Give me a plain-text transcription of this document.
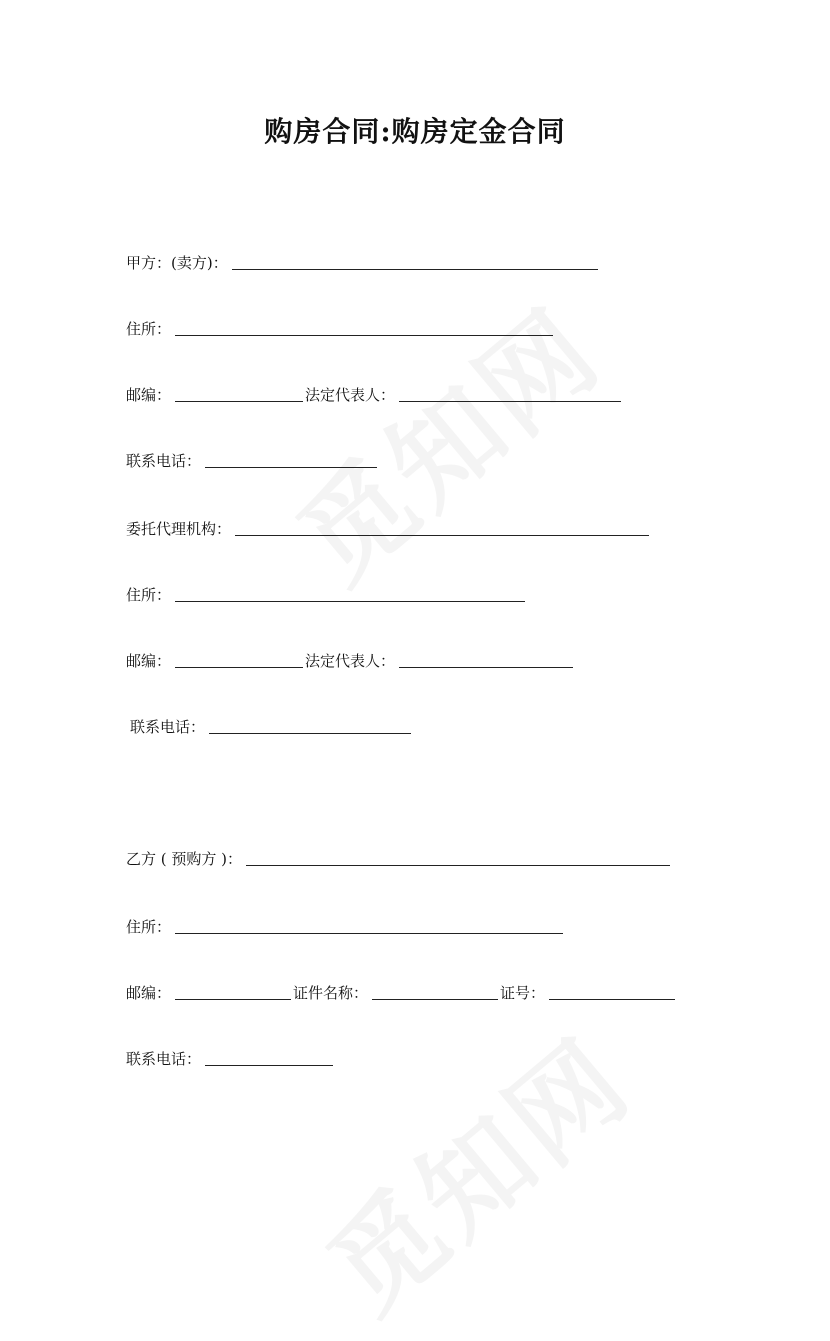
购房合同:购房定金合同
甲方：(卖方)：
住所：
邮编：	法定代表人：
联系电话：
委托代理机构：
住所：
邮编：	法定代表人：
联系电话：
乙方 ( 预购方 )：
住所：
邮编：	证件名称：	证号：
联系电话：
